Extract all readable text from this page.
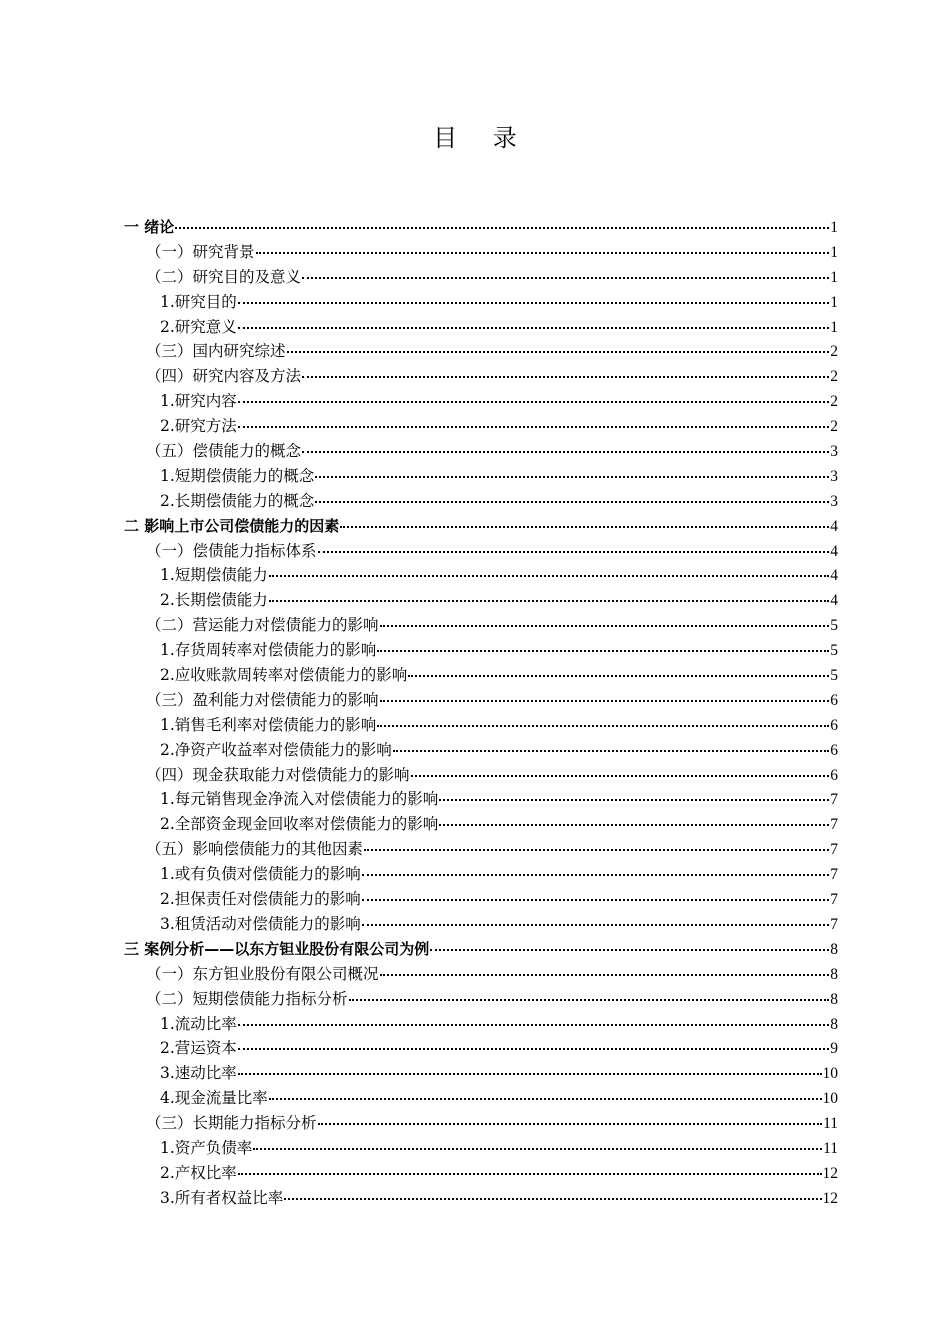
目 录
一 绪论	1
（一）研究背景	1
（二）研究目的及意义	1
1.研究目的	1
2.研究意义	1
（三）国内研究综述	2
（四）研究内容及方法	2
1.研究内容	2
2.研究方法	2
（五）偿债能力的概念	3
1.短期偿债能力的概念	3
2.长期偿债能力的概念	3
二 影响上市公司偿债能力的因素	4
（一）偿债能力指标体系	4
1.短期偿债能力	4
2.长期偿债能力	4
（二）营运能力对偿债能力的影响	5
1.存货周转率对偿债能力的影响	5
2.应收账款周转率对偿债能力的影响	5
（三）盈利能力对偿债能力的影响	6
1.销售毛利率对偿债能力的影响	6
2.净资产收益率对偿债能力的影响	6
（四）现金获取能力对偿债能力的影响	6
1.每元销售现金净流入对偿债能力的影响	7
2.全部资金现金回收率对偿债能力的影响	7
（五）影响偿债能力的其他因素	7
1.或有负债对偿债能力的影响	7
2.担保责任对偿债能力的影响	7
3.租赁活动对偿债能力的影响	7
三 案例分析——以东方钽业股份有限公司为例	8
（一）东方钽业股份有限公司概况	8
（二）短期偿债能力指标分析	8
1.流动比率	8
2.营运资本	9
3.速动比率	10
4.现金流量比率	10
（三）长期能力指标分析	11
1.资产负债率	11
2.产权比率	12
3.所有者权益比率	12
